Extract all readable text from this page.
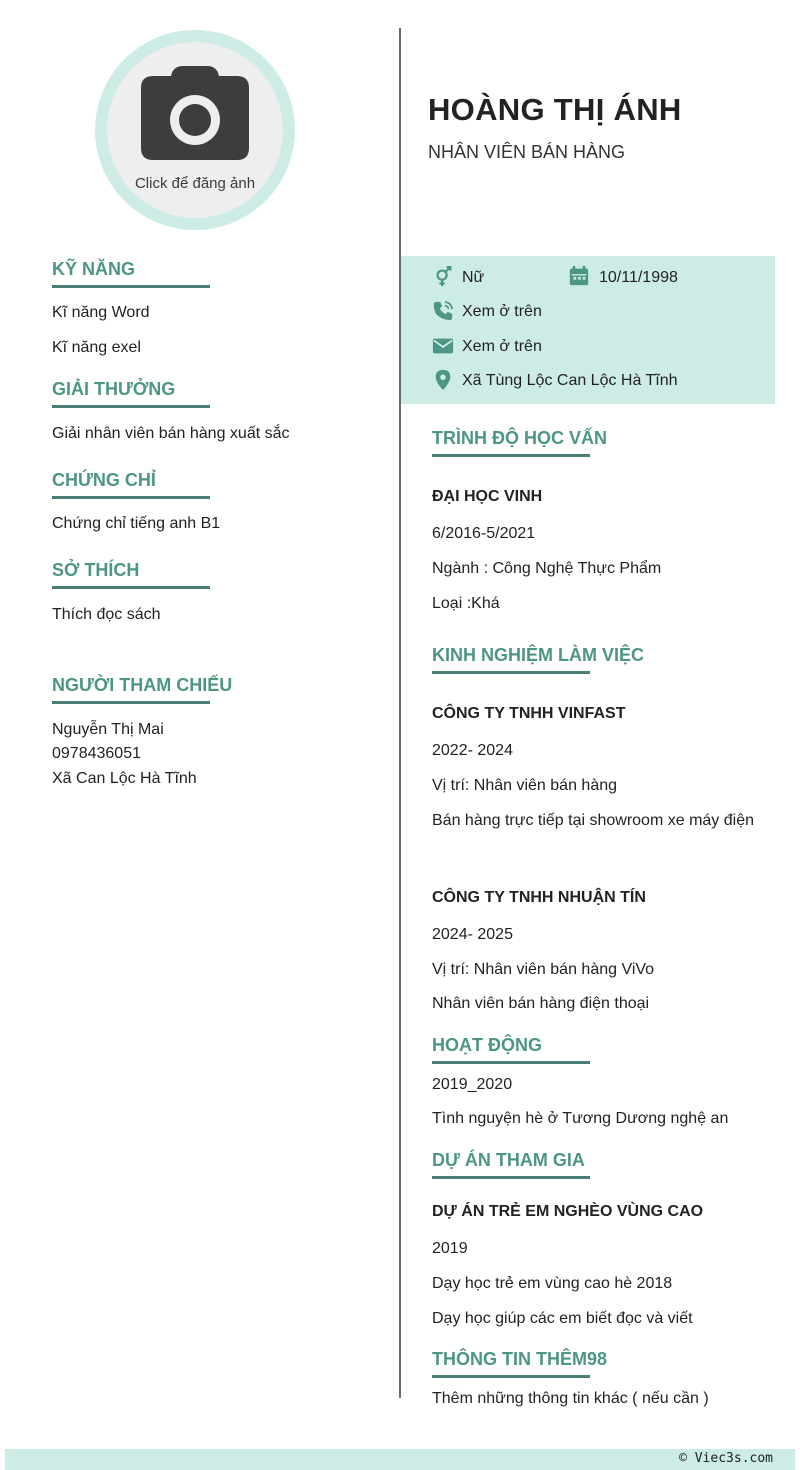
Click để đăng ảnh
HOÀNG THỊ ÁNH
NHÂN VIÊN BÁN HÀNG
Nữ	10/11/1998
Xem ở trên
Xem ở trên
Xã Tùng Lộc Can Lộc Hà Tĩnh
KỸ NĂNG
Kĩ năng Word
Kĩ năng exel
GIẢI THƯỞNG
Giải nhân viên bán hàng xuất sắc
CHỨNG CHỈ
Chứng chỉ tiếng anh B1
SỞ THÍCH
Thích đọc sách
NGƯỜI THAM CHIẾU
Nguyễn Thị Mai
0978436051
Xã Can Lộc Hà Tĩnh
TRÌNH ĐỘ HỌC VẤN
ĐẠI HỌC VINH
6/2016-5/2021
Ngành : Công Nghệ Thực Phẩm
Loại :Khá
KINH NGHIỆM LÀM VIỆC
CÔNG TY TNHH VINFAST
2022- 2024
Vị trí: Nhân viên bán hàng
Bán hàng trực tiếp tại showroom xe máy điện
CÔNG TY TNHH NHUẬN TÍN
2024- 2025
Vị trí: Nhân viên bán hàng ViVo
Nhân viên bán hàng điện thoại
HOẠT ĐỘNG
2019_2020
Tình nguyện hè ở Tương Dương nghệ an
DỰ ÁN THAM GIA
DỰ ÁN TRẺ EM NGHÈO VÙNG CAO
2019
Dạy học trẻ em vùng cao hè 2018
Dạy học giúp các em biết đọc và viết
THÔNG TIN THÊM98
Thêm những thông tin khác ( nếu cần )
© Viec3s.com
